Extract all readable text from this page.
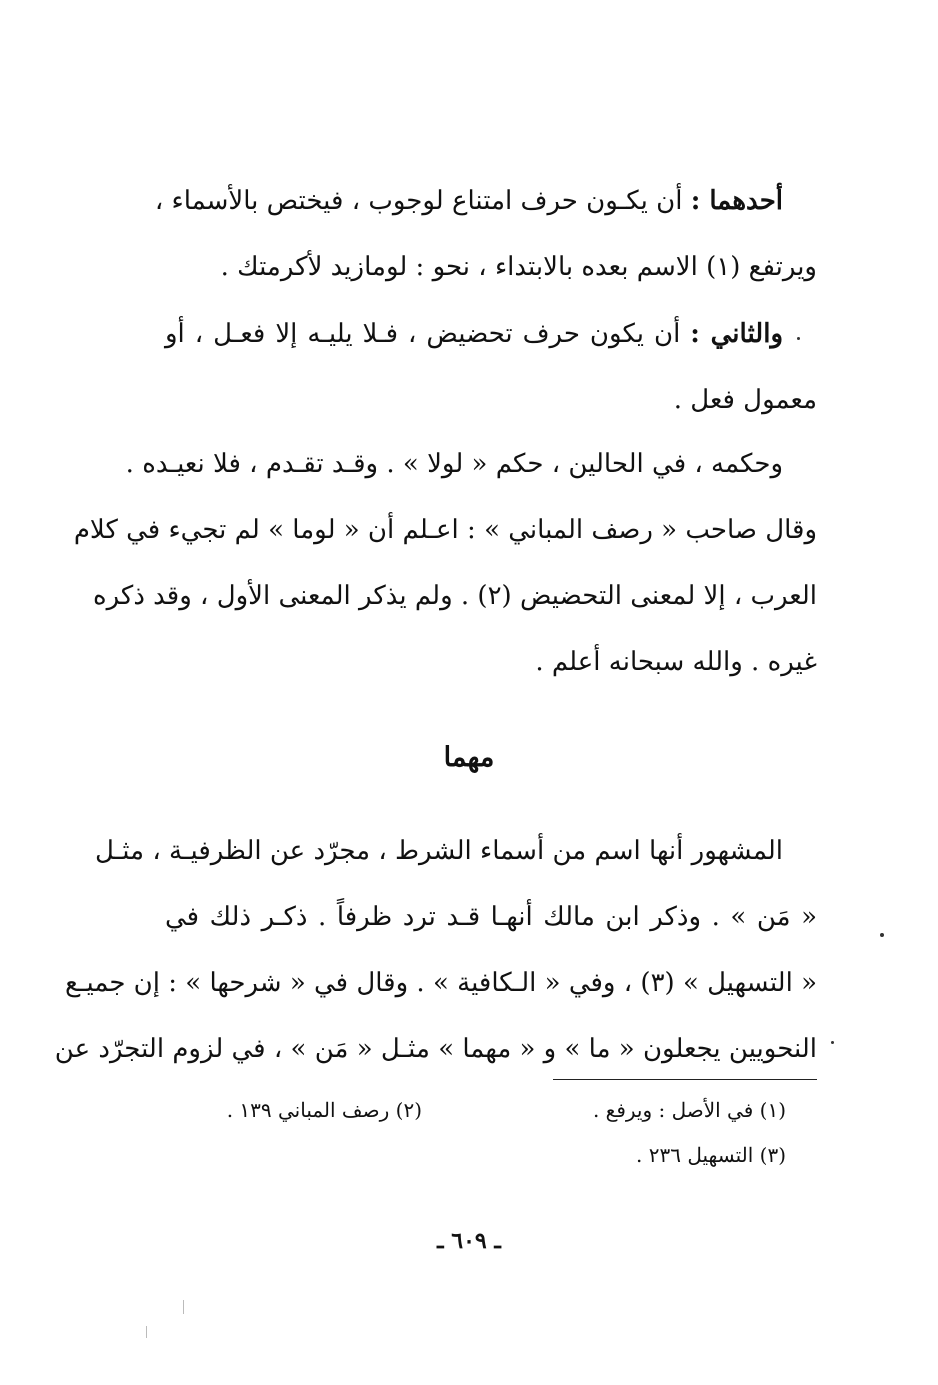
أحدهما : أن يكـون حرف امتناع لوجوب ، فيختص بالأسماء ،
ويرتفع (١) الاسم بعده بالابتداء ، نحو : لومازيد لأكرمتك .
والثاني : أن يكون حرف تحضيض ، فـلا يليـه إلا فعـل ، أو
معمول فعل .
وحكمه ، في الحالين ، حكم « لولا » . وقـد تقـدم ، فلا نعيـده .
وقال صاحب « رصف المباني » : اعـلم أن « لوما » لم تجيء في كلام
العرب ، إلا لمعنى التحضيض (٢) . ولم يذكر المعنى الأول ، وقد ذكره
غيره . والله سبحانه أعلم .
مهما
المشهور أنها اسم من أسماء الشرط ، مجرّد عن الظرفيـة ، مثـل
« مَن » . وذكر ابن مالك أنهـا قـد ترد ظرفاً . ذكـر ذلك في
« التسهيل » (٣) ، وفي « الـكافية » . وقال في « شرحها » : إن جميـع
النحويين يجعلون « ما » و « مهما » مثـل « مَن » ، في لزوم التجرّد عن
(١) في الأصل : ويرفع .
(٢) رصف المباني ١٣٩ .
(٣) التسهيل ٢٣٦ .
ـ ٦٠٩ ـ
